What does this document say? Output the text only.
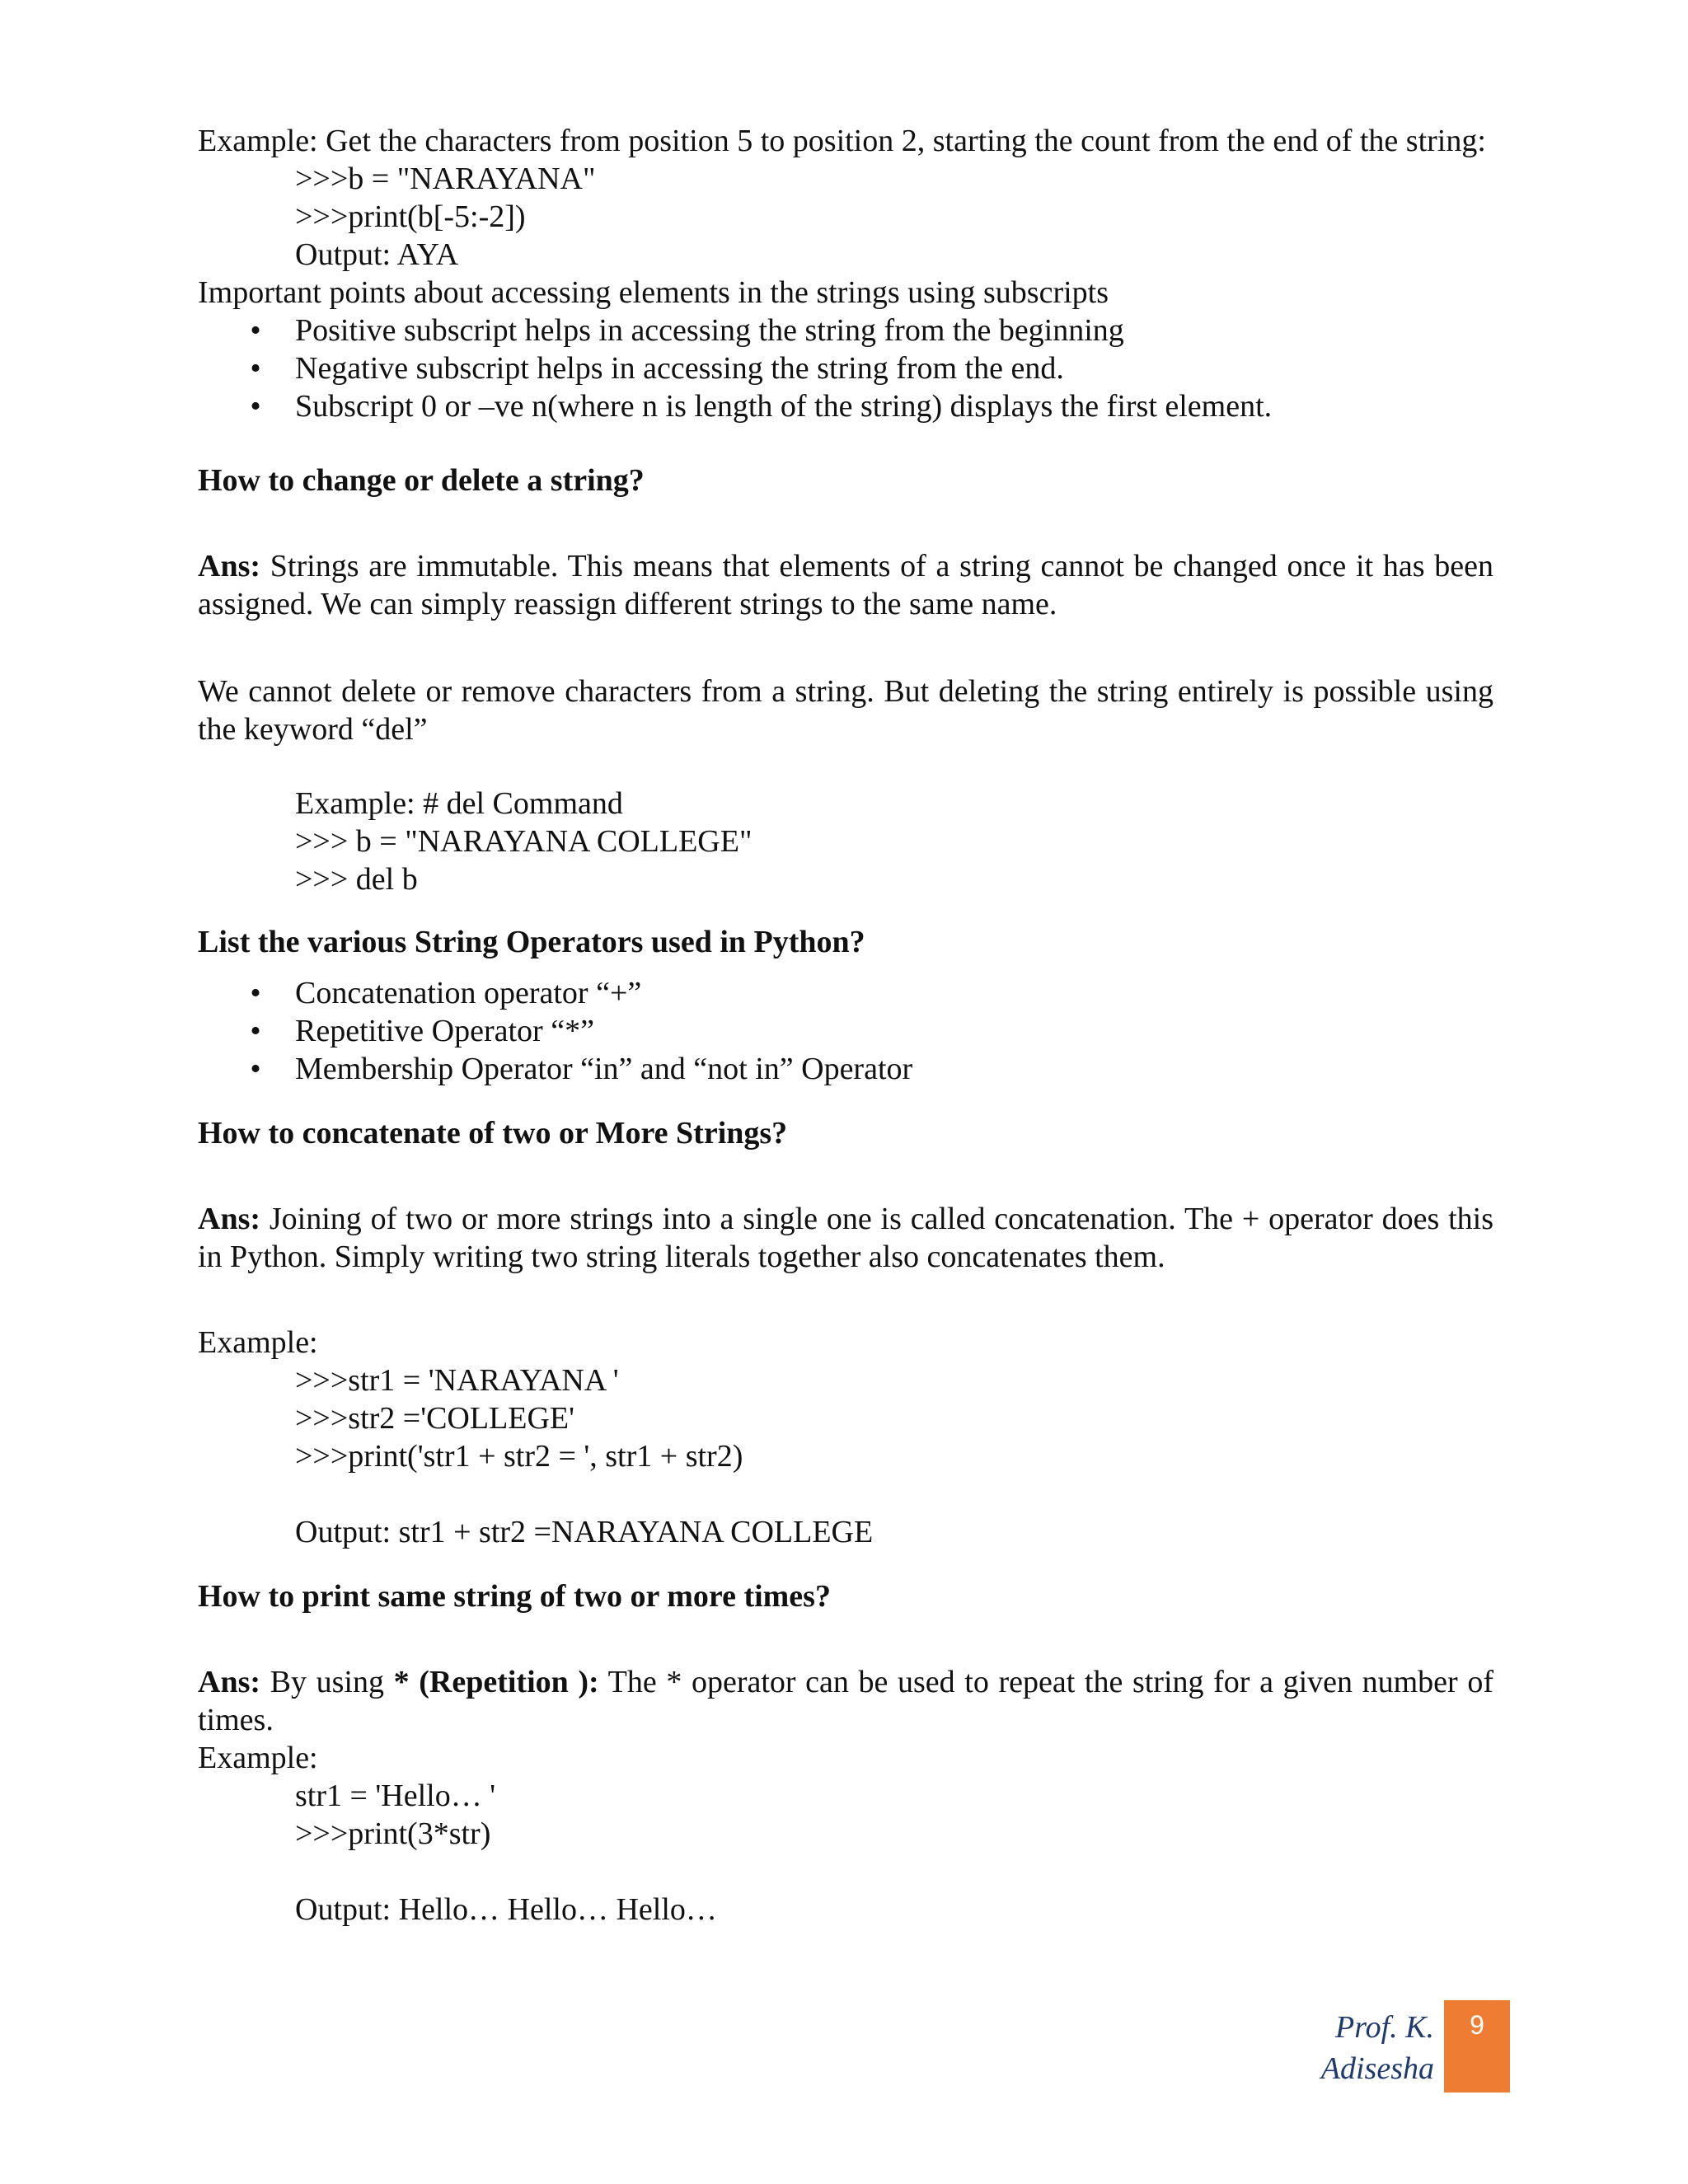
Example: Get the characters from position 5 to position 2, starting the count from the end of the string:

>>>b = "NARAYANA"

>>>print(b[-5:-2])

Output: AYA

Important points about accessing elements in the strings using subscripts

• Positive subscript helps in accessing the string from the beginning
• Negative subscript helps in accessing the string from the end.
• Subscript 0 or –ve n(where n is length of the string) displays the first element.

How to change or delete a string?

Ans: Strings are immutable. This means that elements of a string cannot be changed once it has been assigned. We can simply reassign different strings to the same name.

We cannot delete or remove characters from a string. But deleting the string entirely is possible using the keyword “del”

Example: # del Command

>>> b = "NARAYANA COLLEGE"

>>> del b

List the various String Operators used in Python?

• Concatenation operator “+”
• Repetitive Operator “*”
• Membership Operator “in” and “not in” Operator

How to concatenate of two or More Strings?

Ans: Joining of two or more strings into a single one is called concatenation. The + operator does this in Python. Simply writing two string literals together also concatenates them.

Example:

>>>str1 = 'NARAYANA '

>>>str2 ='COLLEGE'

>>>print('str1 + str2 = ', str1 + str2)

Output: str1 + str2 =NARAYANA COLLEGE

How to print same string of two or more times?

Ans: By using * (Repetition ): The * operator can be used to repeat the string for a given number of times.

Example:

str1 = 'Hello… '

>>>print(3*str)

Output: Hello… Hello… Hello…

Prof. K. Adisesha
9
